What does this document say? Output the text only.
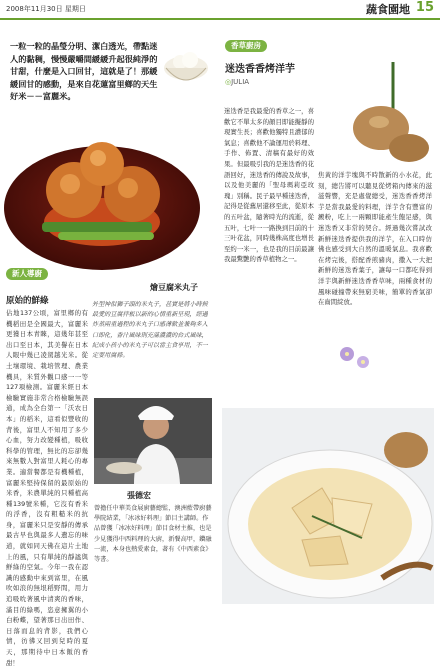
2008年11月30日 星期日	蔬食園地 15
一粒一粒的晶瑩分明、潔白透光，帶點迷人的黏稠，慢慢嚴嚼間緩緩升起很純淨的甘甜，什麼是入口回甘，這就是了！那緩緩回甘的感動，是來自花蓮富里鄉的天生好米－－富麗米。
燴豆腐米丸子
新人導廚
原始的鮮綠
佔地137公頃，富里鄉的有機稻田是全國最大，富麗米更獲日本青睞，這幾年甚至出口至日本，其美譽在日本人眼中幾已凌駕越光米。從土壤環境、栽培管理、農業機具，米質外觀口感一一等127項檢測。富麗米經日本檢驗實施非常合格檢驗無誤通，成為全台第一「沃农日本」的稻米，這看似豐收的背後，富里人不知用了多少心血，努力改變種植，吸收科學的管理，無比的忘卻幾來無數人對富里人耗心的專業。適當餐都是有機種植，富麗米堅持保留的最原始的米香，米農單純的只種植高種139號米種，它沒有香米的浮香，沒有粗糙米的抗身，富麗米只是安靜的傳承最古早也與最多人遺忘的味道，就如同天佛在這片土地上的風，只有單純的靜謐與鮮綠的空氣。今年一我在認識的感動中來到富里，在風吹如浪的無垠稻野間，用力追吸吮著風中清爽的香味，滿目的綠嗎，恣意擁翼的小白粉蝶，望著那日出田作、日落而息的背影，我們心情，彷彿又回到兒時的夏天，那期待中日本飯的香甜！
外型神似獅子頭的米丸子，甚實是將小時候最愛的豆腐拌板以新的心情重新呈現，經過炸蒸兩重過程的米丸子口感薄軟並兼夠多入口即化，香汁風味則充滿濃濃的台式風味，紀成小孩小的米丸子可以當主食享用，不一定要用腐條。
張德宏
曾擔任中華美食展廚藝總監，澳洲藍帶廚藝學院結業，「冰冰好料理」節目主講師。作品曾獲「冰冰好料理」節目食材主推，也是少見獲得中西料理的大廚，新餐高甲，鑽融一流，本身也熱愛素食，著有《中西素食》等書。
香草廚房
迷迭香香烤洋芋
◎JULIA
迷迭香是我最愛的香草之一，喜歡它不單太多的顏目即能擬靜的現實生長；喜歡他獨特且濃郁的氣息；喜歡他不論運用於料理、手作、佈置、清稿有最好的效果。但最吸引我的是迷迭香的花語回好，迷迭香的傳說及故事，以及他美麗的「聖母瑪莉亞玫瑰」別稱。民子最早種迷迭香，記得是從舊居還移至此，從原本的五叶盆，隨著時光的流逝，從五叶，七叶一一路換到目前的十三叶花盆，同時幾株高度也增長至約一米一，也是我的目前最讓我最驚艷的香草植物之一。
焦黃的洋芋塊與不時散新的小水花，此刻，總告將可以聽見從烤箱內傳來的滋滋聲響，充是處覺總受，迷迭香香烤洋芋是當我最愛的料理，洋芋含有豐富的澱粉，吃上一兩顆即能產生飽足感，與迷迭香又非常的契合。經過幾次嘗試改新鮮迷迭香提供我的洋芋，在入口時仿佛也感受到大自然的溫暖氣息。我喜歡在烤完後，搭配香煎豬肉，撒入一大把新鮮的迷迭香葉子，讓每一口都吃得到洋芋與新鮮迷迭香香草味，兩種食材的風味碰撞帶來無窮美味，簡單的香氣卻在齒間綻放。
